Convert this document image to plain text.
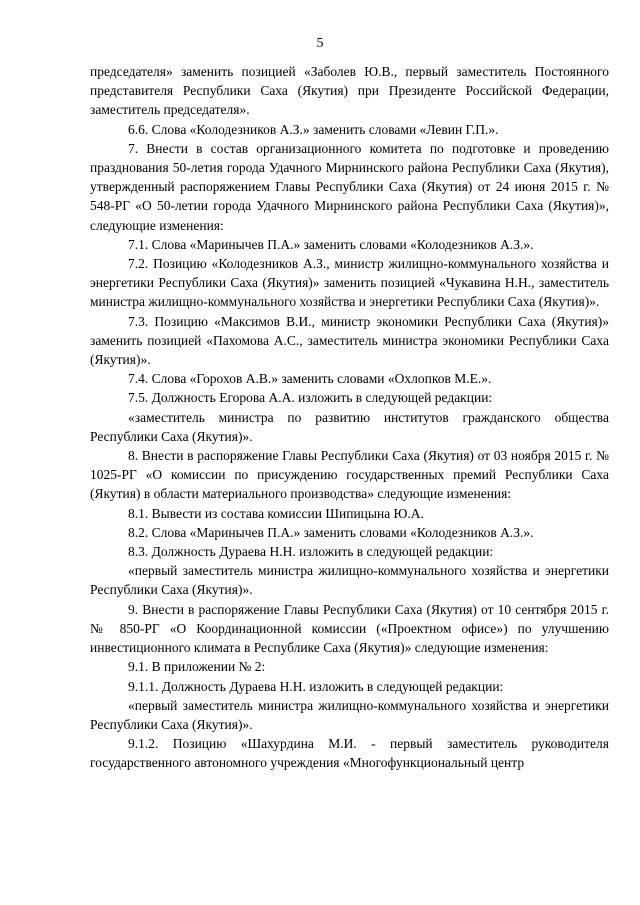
5

председателя» заменить позицией «Заболев Ю.В., первый заместитель Постоянного представителя Республики Саха (Якутия) при Президенте Российской Федерации, заместитель председателя».

6.6. Слова «Колодезников А.З.» заменить словами «Левин Г.П.».

7. Внести в состав организационного комитета по подготовке и проведению празднования 50-летия города Удачного Мирнинского района Республики Саха (Якутия), утвержденный распоряжением Главы Республики Саха (Якутия) от 24 июня 2015 г. № 548-РГ «О 50-летии города Удачного Мирнинского района Республики Саха (Якутия)», следующие изменения:

7.1. Слова «Маринычев П.А.» заменить словами «Колодезников А.З.».

7.2. Позицию «Колодезников А.З., министр жилищно-коммунального хозяйства и энергетики Республики Саха (Якутия)» заменить позицией «Чукавина Н.Н., заместитель министра жилищно-коммунального хозяйства и энергетики Республики Саха (Якутия)».

7.3. Позицию «Максимов В.И., министр экономики Республики Саха (Якутия)» заменить позицией «Пахомова А.С., заместитель министра экономики Республики Саха (Якутия)».

7.4. Слова «Горохов А.В.» заменить словами «Охлопков М.Е.».

7.5. Должность Егорова А.А. изложить в следующей редакции:

«заместитель министра по развитию институтов гражданского общества Республики Саха (Якутия)».

8. Внести в распоряжение Главы Республики Саха (Якутия) от 03 ноября 2015 г. № 1025-РГ «О комиссии по присуждению государственных премий Республики Саха (Якутия) в области материального производства» следующие изменения:

8.1. Вывести из состава комиссии Шипицына Ю.А.

8.2. Слова «Маринычев П.А.» заменить словами «Колодезников А.З.».

8.3. Должность Дураева Н.Н. изложить в следующей редакции:

«первый заместитель министра жилищно-коммунального хозяйства и энергетики Республики Саха (Якутия)».

9. Внести в распоряжение Главы Республики Саха (Якутия) от 10 сентября 2015 г. № 850-РГ «О Координационной комиссии («Проектном офисе») по улучшению инвестиционного климата в Республике Саха (Якутия)» следующие изменения:

9.1. В приложении № 2:

9.1.1. Должность Дураева Н.Н. изложить в следующей редакции:

«первый заместитель министра жилищно-коммунального хозяйства и энергетики Республики Саха (Якутия)».

9.1.2. Позицию «Шахурдина М.И. - первый заместитель руководителя государственного автономного учреждения «Многофункциональный центр
